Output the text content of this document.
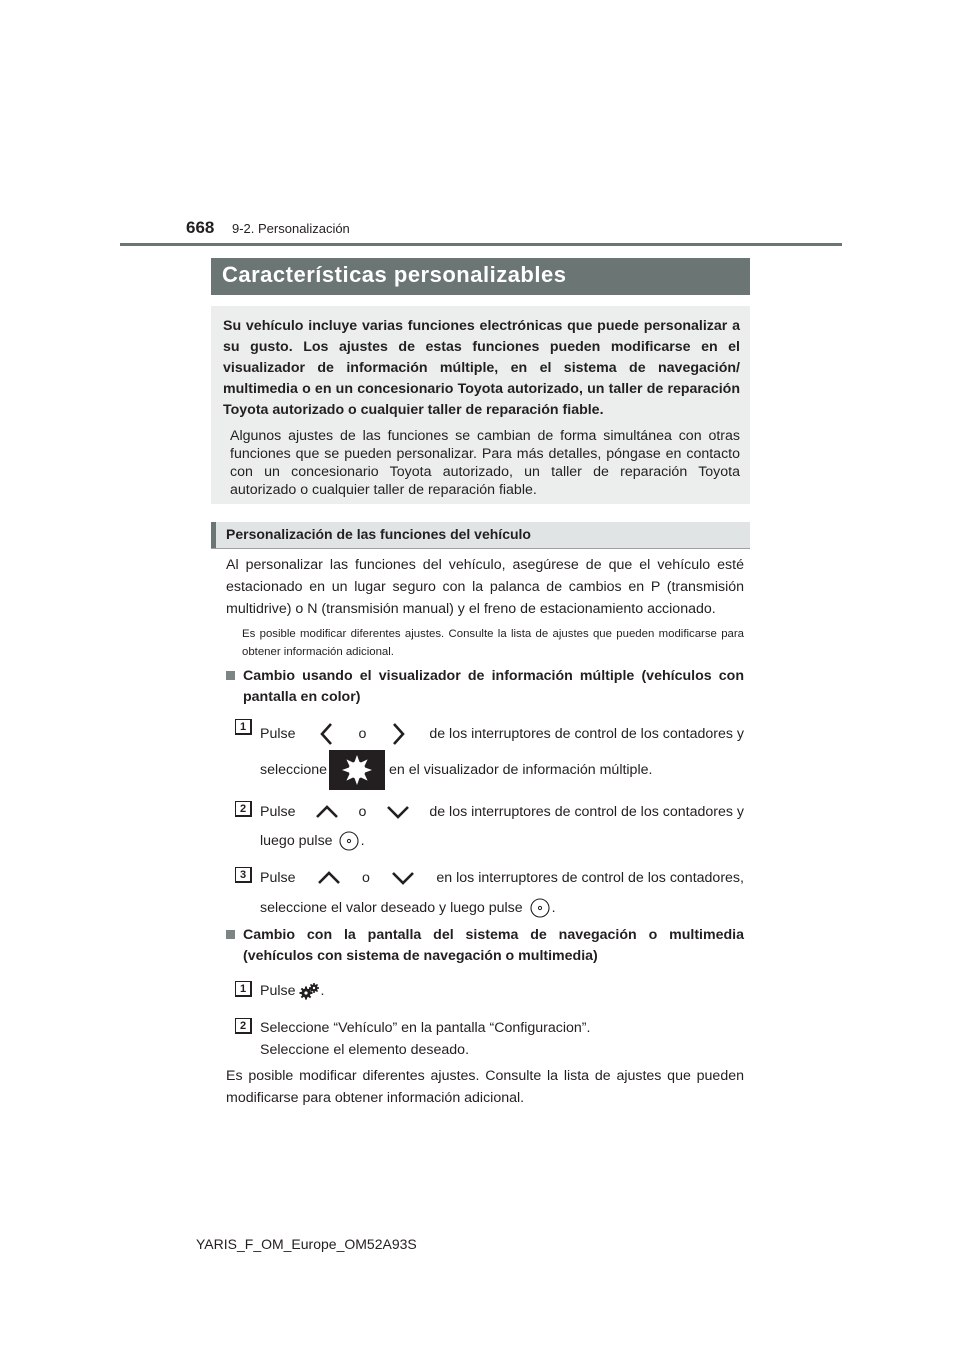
668 9-2. Personalización
Características personalizables
Su vehículo incluye varias funciones electrónicas que puede personalizar a su gusto. Los ajustes de estas funciones pueden modificarse en el visualizador de información múltiple, en el sistema de navegación/ multimedia o en un concesionario Toyota autorizado, un taller de reparación Toyota autorizado o cualquier taller de reparación fiable.
Algunos ajustes de las funciones se cambian de forma simultánea con otras funciones que se pueden personalizar. Para más detalles, póngase en contacto con un concesionario Toyota autorizado, un taller de reparación Toyota autorizado o cualquier taller de reparación fiable.
Personalización de las funciones del vehículo
Al personalizar las funciones del vehículo, asegúrese de que el vehículo esté estacionado en un lugar seguro con la palanca de cambios en P (transmisión multidrive) o N (transmisión manual) y el freno de estacionamiento accionado.
Es posible modificar diferentes ajustes. Consulte la lista de ajustes que pueden modificarse para obtener información adicional.
Cambio usando el visualizador de información múltiple (vehículos con pantalla en color)
1 Pulse	o	de los interruptores de control de los contadores y
seleccione	en el visualizador de información múltiple.
2 Pulse	o	de los interruptores de control de los contadores y
luego pulse .
3 Pulse	o	en los interruptores de control de los contadores,
seleccione el valor deseado y luego pulse .
Cambio con la pantalla del sistema de navegación o multimedia (vehículos con sistema de navegación o multimedia)
1 Pulse .
2 Seleccione “Vehículo” en la pantalla “Configuracion”.
Seleccione el elemento deseado.
Es posible modificar diferentes ajustes. Consulte la lista de ajustes que pueden modificarse para obtener información adicional.
YARIS_F_OM_Europe_OM52A93S
